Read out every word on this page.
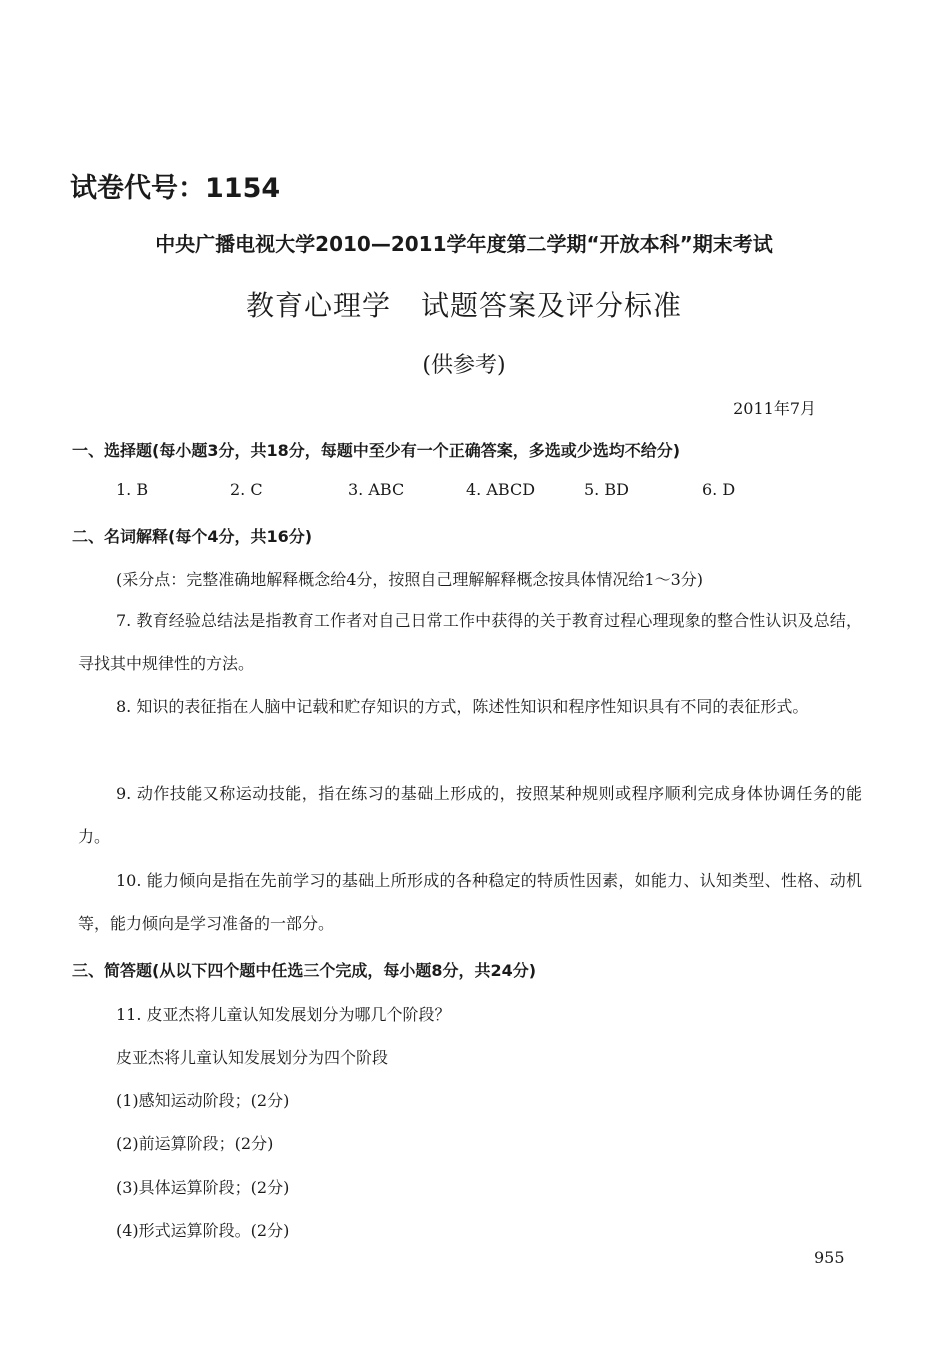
试卷代号：1154
中央广播电视大学2010—2011学年度第二学期“开放本科”期末考试
教育心理学 试题答案及评分标准
(供参考)
2011年7月
一、选择题(每小题3分，共18分，每题中至少有一个正确答案，多选或少选均不给分)
1. B	2. C	3. ABC	4. ABCD	5. BD	6. D
二、名词解释(每个4分，共16分)
(采分点：完整准确地解释概念给4分，按照自己理解解释概念按具体情况给1～3分)
7. 教育经验总结法是指教育工作者对自己日常工作中获得的关于教育过程心理现象的整合性认识及总结，寻找其中规律性的方法。
8. 知识的表征指在人脑中记载和贮存知识的方式，陈述性知识和程序性知识具有不同的表征形式。
9. 动作技能又称运动技能，指在练习的基础上形成的，按照某种规则或程序顺利完成身体协调任务的能力。
10. 能力倾向是指在先前学习的基础上所形成的各种稳定的特质性因素，如能力、认知类型、性格、动机等，能力倾向是学习准备的一部分。
三、简答题(从以下四个题中任选三个完成，每小题8分，共24分)
11. 皮亚杰将儿童认知发展划分为哪几个阶段？
皮亚杰将儿童认知发展划分为四个阶段
(1)感知运动阶段；(2分)
(2)前运算阶段；(2分)
(3)具体运算阶段；(2分)
(4)形式运算阶段。(2分)
955
